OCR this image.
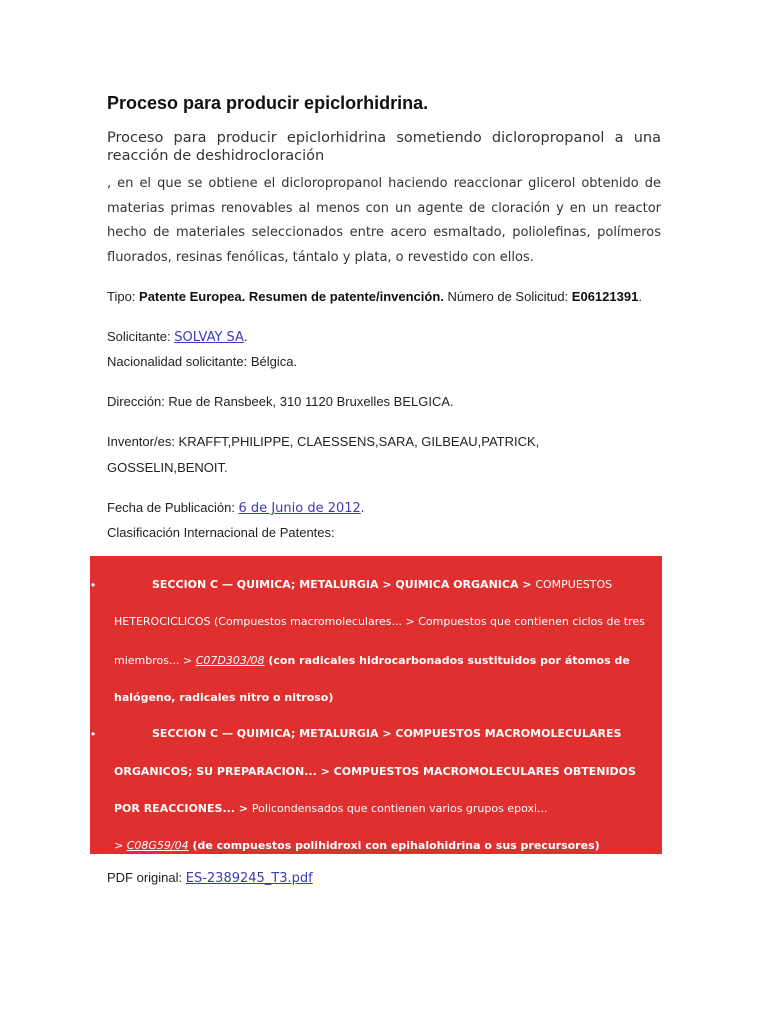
Proceso para producir epiclorhidrina.

Proceso para producir epiclorhidrina sometiendo dicloropropanol a una reacción de deshidrocloración

, en el que se obtiene el dicloropropanol haciendo reaccionar glicerol obtenido de materias primas renovables al menos con un agente de cloración y en un reactor hecho de materiales seleccionados entre acero esmaltado, poliolefinas, polímeros fluorados, resinas fenólicas, tántalo y plata, o revestido con ellos.

Tipo: Patente Europea. Resumen de patente/invención. Número de Solicitud: E06121391.

Solicitante: SOLVAY SA.

Nacionalidad solicitante: Bélgica.

Dirección: Rue de Ransbeek, 310 1120 Bruxelles BELGICA.

Inventor/es: KRAFFT,PHILIPPE, CLAESSENS,SARA, GILBEAU,PATRICK,

GOSSELIN,BENOIT.

Fecha de Publicación: 6 de Junio de 2012.

Clasificación Internacional de Patentes:

•	SECCION C — QUIMICA; METALURGIA > QUIMICA ORGANICA > COMPUESTOS
HETEROCICLICOS (Compuestos macromoleculares... > Compuestos que contienen ciclos de tres
miembros... > C07D303/08 (con radicales hidrocarbonados sustituidos por átomos de
halógeno, radicales nitro o nitroso)
•	SECCION C — QUIMICA; METALURGIA > COMPUESTOS MACROMOLECULARES
ORGANICOS; SU PREPARACION... > COMPUESTOS MACROMOLECULARES OBTENIDOS
POR REACCIONES... > Policondensados que contienen varios grupos epoxi...
> C08G59/04 (de compuestos polihidroxi con epihalohidrina o sus precursores)
PDF original: ES-2389245_T3.pdf
